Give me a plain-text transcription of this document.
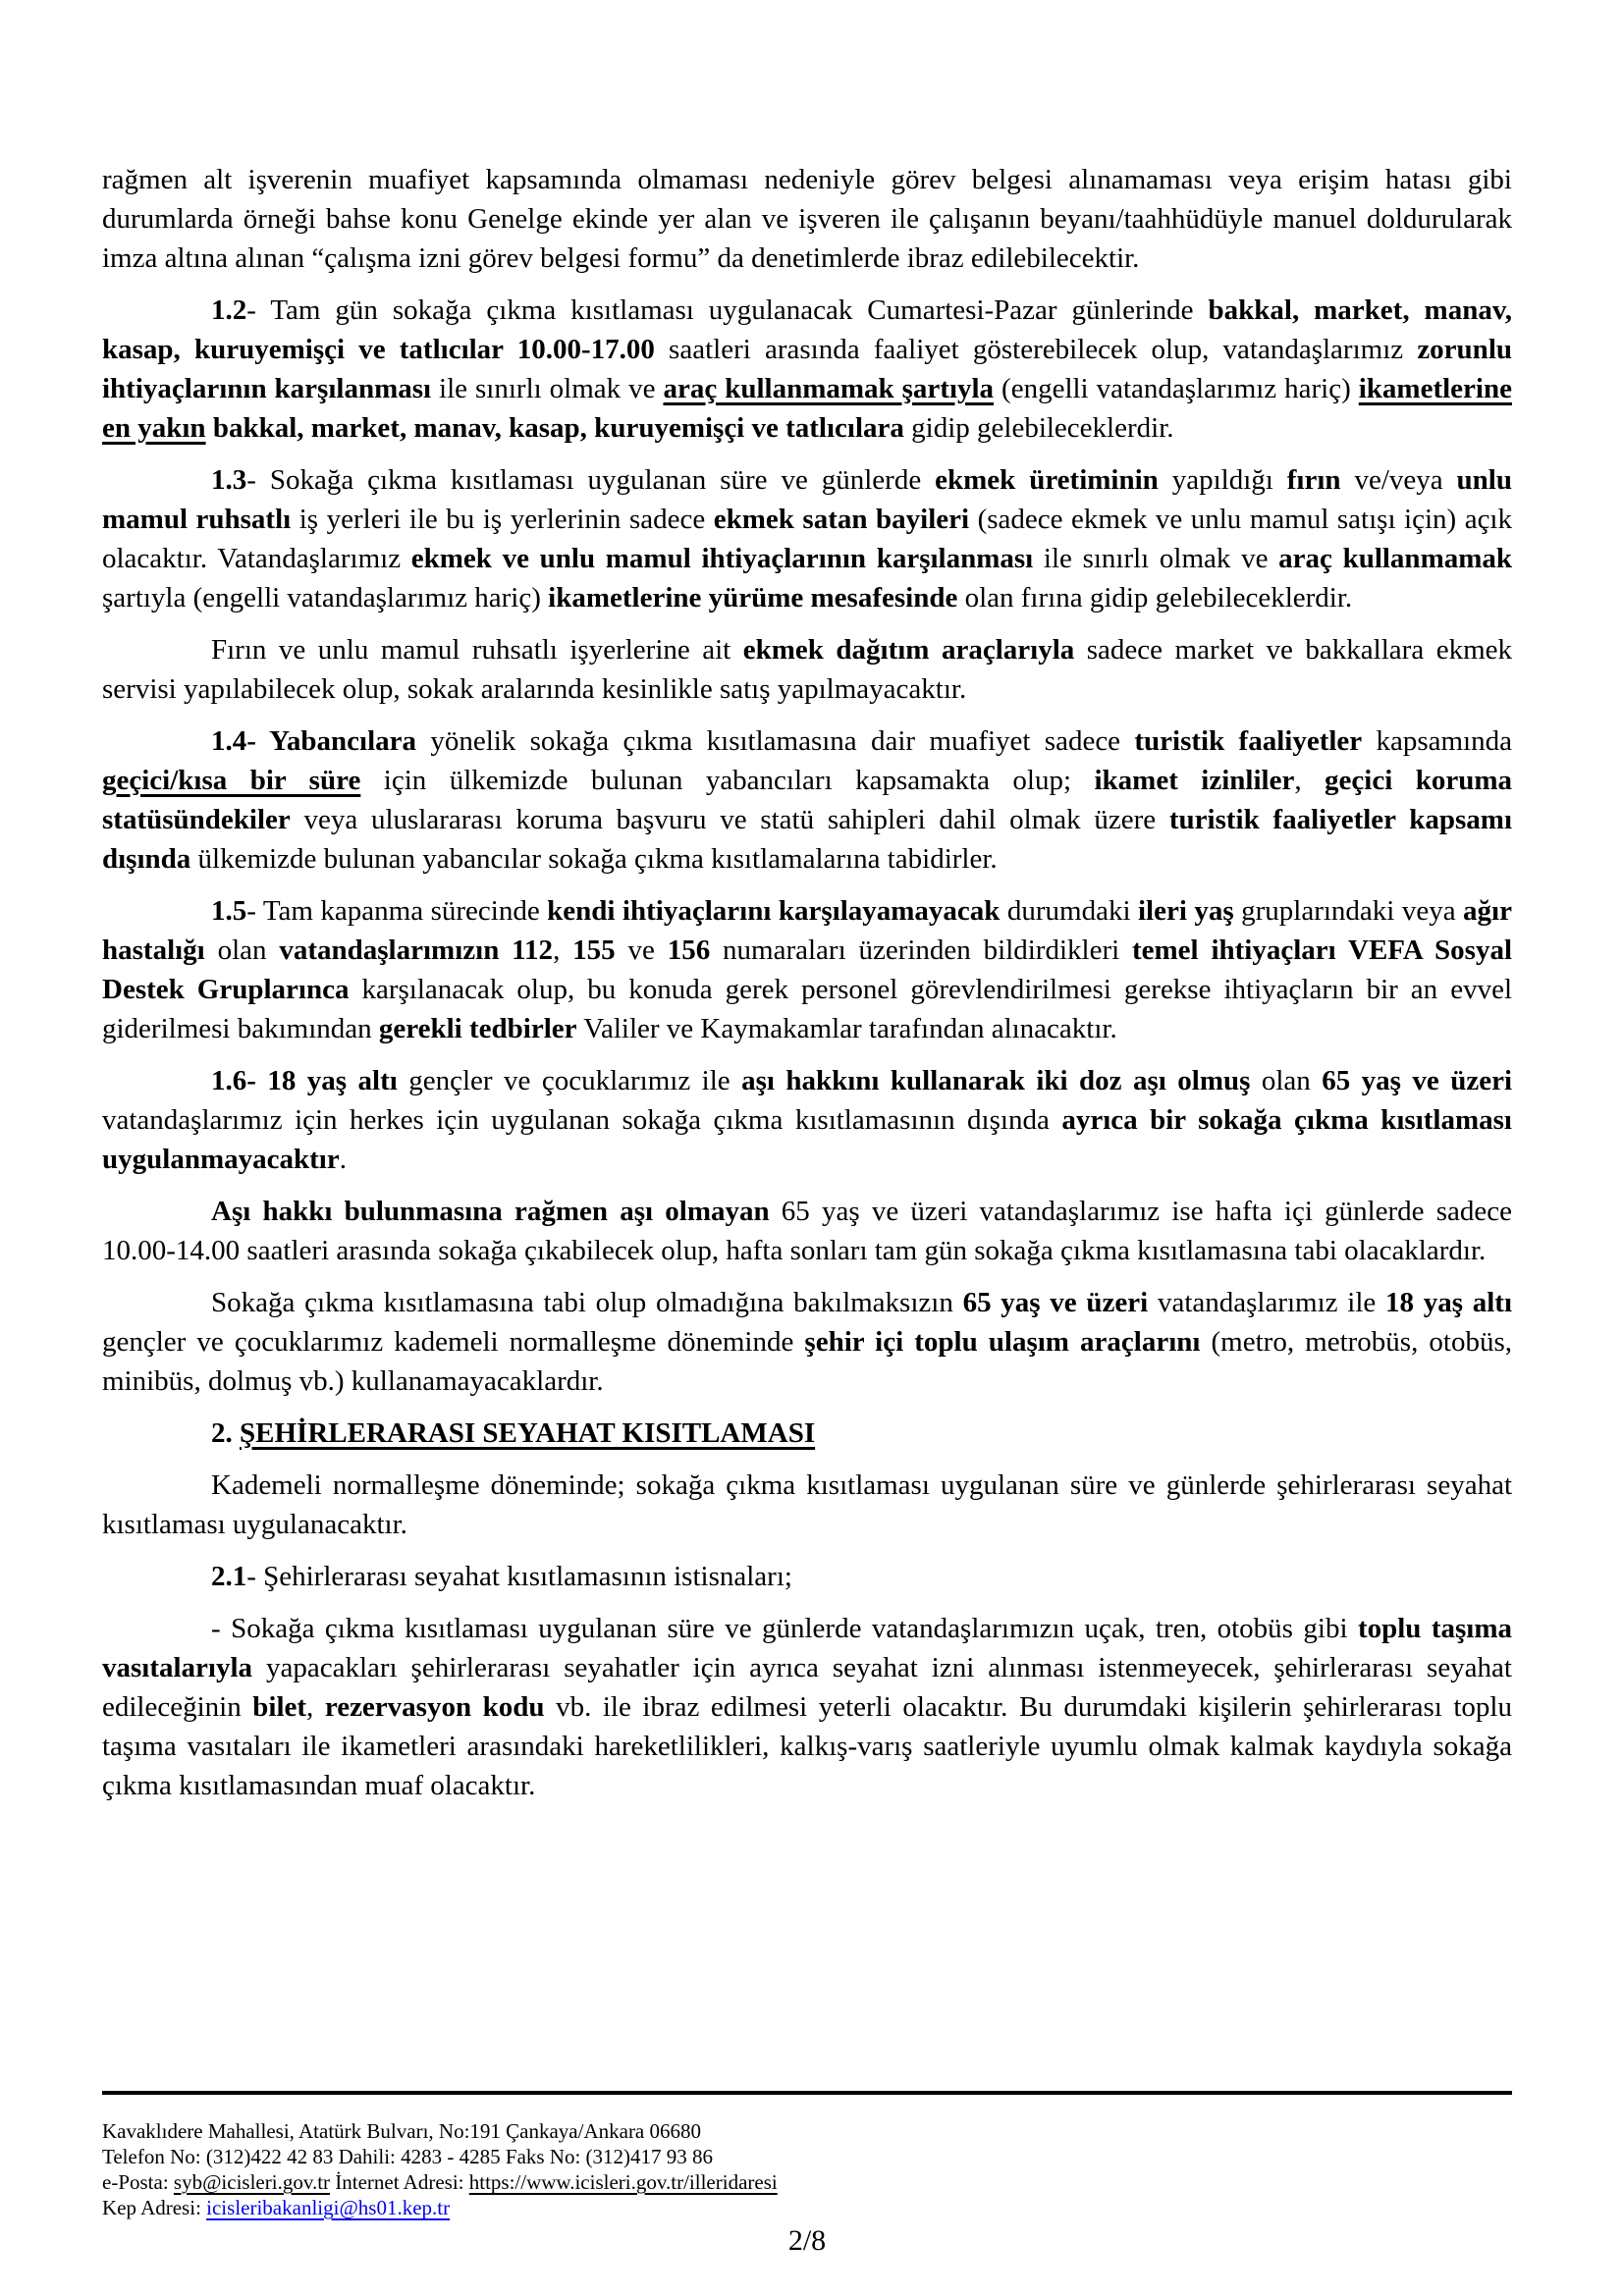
rağmen alt işverenin muafiyet kapsamında olmaması nedeniyle görev belgesi alınamaması veya erişim hatası gibi durumlarda örneği bahse konu Genelge ekinde yer alan ve işveren ile çalışanın beyanı/taahhüdüyle manuel doldurularak imza altına alınan “çalışma izni görev belgesi formu” da denetimlerde ibraz edilebilecektir.

1.2- Tam gün sokağa çıkma kısıtlaması uygulanacak Cumartesi-Pazar günlerinde bakkal, market, manav, kasap, kuruyemişçi ve tatlıcılar 10.00-17.00 saatleri arasında faaliyet gösterebilecek olup, vatandaşlarımız zorunlu ihtiyaçlarının karşılanması ile sınırlı olmak ve araç kullanmamak şartıyla (engelli vatandaşlarımız hariç) ikametlerine en yakın bakkal, market, manav, kasap, kuruyemişçi ve tatlıcılara gidip gelebileceklerdir.

1.3- Sokağa çıkma kısıtlaması uygulanan süre ve günlerde ekmek üretiminin yapıldığı fırın ve/veya unlu mamul ruhsatlı iş yerleri ile bu iş yerlerinin sadece ekmek satan bayileri (sadece ekmek ve unlu mamul satışı için) açık olacaktır. Vatandaşlarımız ekmek ve unlu mamul ihtiyaçlarının karşılanması ile sınırlı olmak ve araç kullanmamak şartıyla (engelli vatandaşlarımız hariç) ikametlerine yürüme mesafesinde olan fırına gidip gelebileceklerdir.

Fırın ve unlu mamul ruhsatlı işyerlerine ait ekmek dağıtım araçlarıyla sadece market ve bakkallara ekmek servisi yapılabilecek olup, sokak aralarında kesinlikle satış yapılmayacaktır.

1.4- Yabancılara yönelik sokağa çıkma kısıtlamasına dair muafiyet sadece turistik faaliyetler kapsamında geçici/kısa bir süre için ülkemizde bulunan yabancıları kapsamakta olup; ikamet izinliler, geçici koruma statüsündekiler veya uluslararası koruma başvuru ve statü sahipleri dahil olmak üzere turistik faaliyetler kapsamı dışında ülkemizde bulunan yabancılar sokağa çıkma kısıtlamalarına tabidirler.

1.5- Tam kapanma sürecinde kendi ihtiyaçlarını karşılayamayacak durumdaki ileri yaş gruplarındaki veya ağır hastalığı olan vatandaşlarımızın 112, 155 ve 156 numaraları üzerinden bildirdikleri temel ihtiyaçları VEFA Sosyal Destek Gruplarınca karşılanacak olup, bu konuda gerek personel görevlendirilmesi gerekse ihtiyaçların bir an evvel giderilmesi bakımından gerekli tedbirler Valiler ve Kaymakamlar tarafından alınacaktır.

1.6- 18 yaş altı gençler ve çocuklarımız ile aşı hakkını kullanarak iki doz aşı olmuş olan 65 yaş ve üzeri vatandaşlarımız için herkes için uygulanan sokağa çıkma kısıtlamasının dışında ayrıca bir sokağa çıkma kısıtlaması uygulanmayacaktır.

Aşı hakkı bulunmasına rağmen aşı olmayan 65 yaş ve üzeri vatandaşlarımız ise hafta içi günlerde sadece 10.00-14.00 saatleri arasında sokağa çıkabilecek olup, hafta sonları tam gün sokağa çıkma kısıtlamasına tabi olacaklardır.

Sokağa çıkma kısıtlamasına tabi olup olmadığına bakılmaksızın 65 yaş ve üzeri vatandaşlarımız ile 18 yaş altı gençler ve çocuklarımız kademeli normalleşme döneminde şehir içi toplu ulaşım araçlarını (metro, metrobüs, otobüs, minibüs, dolmuş vb.) kullanamayacaklardır.

2. ŞEHİRLERARASI SEYAHAT KISITLAMASI

Kademeli normalleşme döneminde; sokağa çıkma kısıtlaması uygulanan süre ve günlerde şehirlerarası seyahat kısıtlaması uygulanacaktır.

2.1- Şehirlerarası seyahat kısıtlamasının istisnaları;

- Sokağa çıkma kısıtlaması uygulanan süre ve günlerde vatandaşlarımızın uçak, tren, otobüs gibi toplu taşıma vasıtalarıyla yapacakları şehirlerarası seyahatler için ayrıca seyahat izni alınması istenmeyecek, şehirlerarası seyahat edileceğinin bilet, rezervasyon kodu vb. ile ibraz edilmesi yeterli olacaktır. Bu durumdaki kişilerin şehirlerarası toplu taşıma vasıtaları ile ikametleri arasındaki hareketlilikleri, kalkış-varış saatleriyle uyumlu olmak kalmak kaydıyla sokağa çıkma kısıtlamasından muaf olacaktır.

Kavaklıdere Mahallesi, Atatürk Bulvarı, No:191 Çankaya/Ankara 06680
Telefon No: (312)422 42 83 Dahili: 4283 - 4285 Faks No: (312)417 93 86
e-Posta: syb@icisleri.gov.tr İnternet Adresi: https://www.icisleri.gov.tr/illeridaresi
Kep Adresi: icisleribakanligi@hs01.kep.tr
2/8
